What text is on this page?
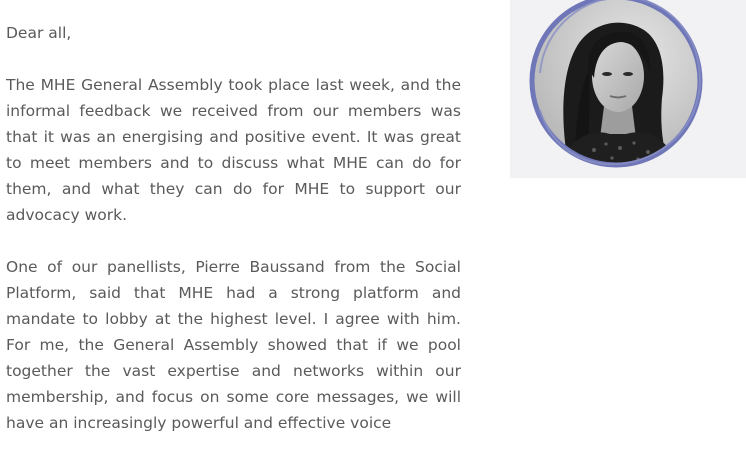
Dear all,

The MHE General Assembly took place last week, and the informal feedback we received from our members was that it was an energising and positive event. It was great to meet members and to discuss what MHE can do for them, and what they can do for MHE to support our advocacy work.

One of our panellists, Pierre Baussand from the Social Platform, said that MHE had a strong platform and mandate to lobby at the highest level. I agree with him. For me, the General Assembly showed that if we pool together the vast expertise and networks within our membership, and focus on some core messages, we will have an increasingly powerful and effective voice
